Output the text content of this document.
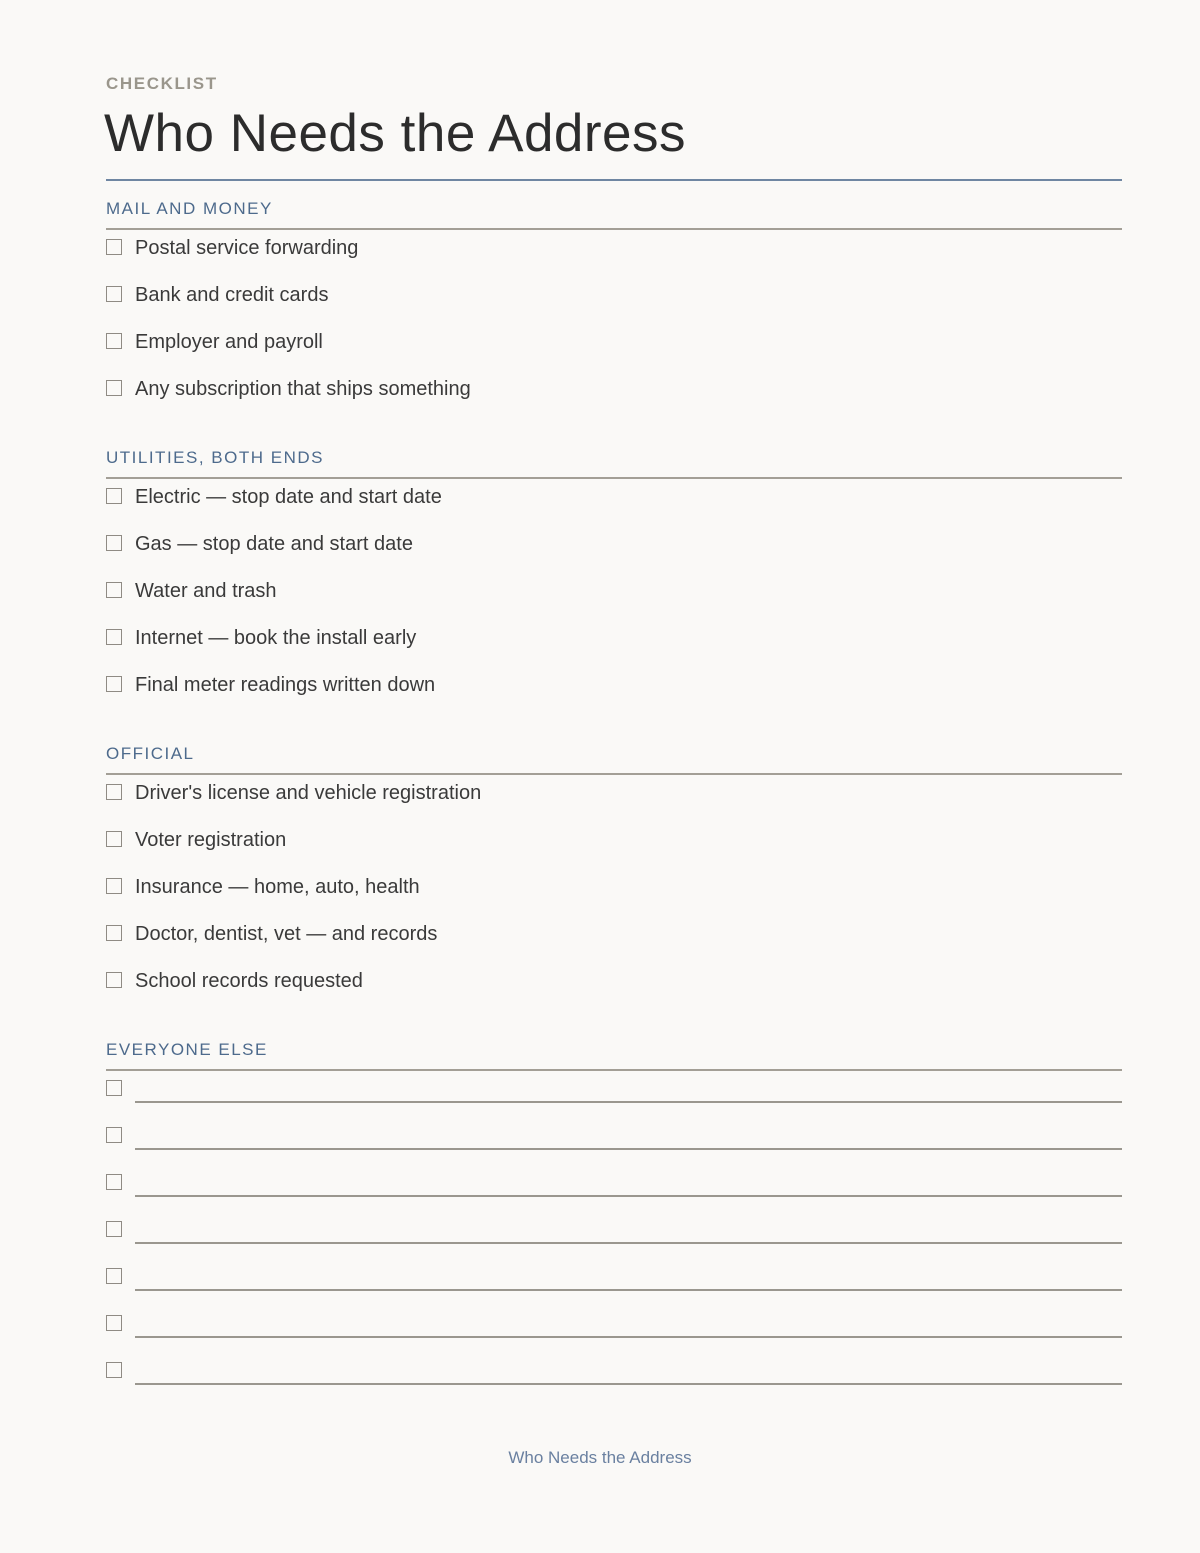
CHECKLIST
Who Needs the Address
MAIL AND MONEY
Postal service forwarding
Bank and credit cards
Employer and payroll
Any subscription that ships something
UTILITIES, BOTH ENDS
Electric — stop date and start date
Gas — stop date and start date
Water and trash
Internet — book the install early
Final meter readings written down
OFFICIAL
Driver's license and vehicle registration
Voter registration
Insurance — home, auto, health
Doctor, dentist, vet — and records
School records requested
EVERYONE ELSE
Who Needs the Address
